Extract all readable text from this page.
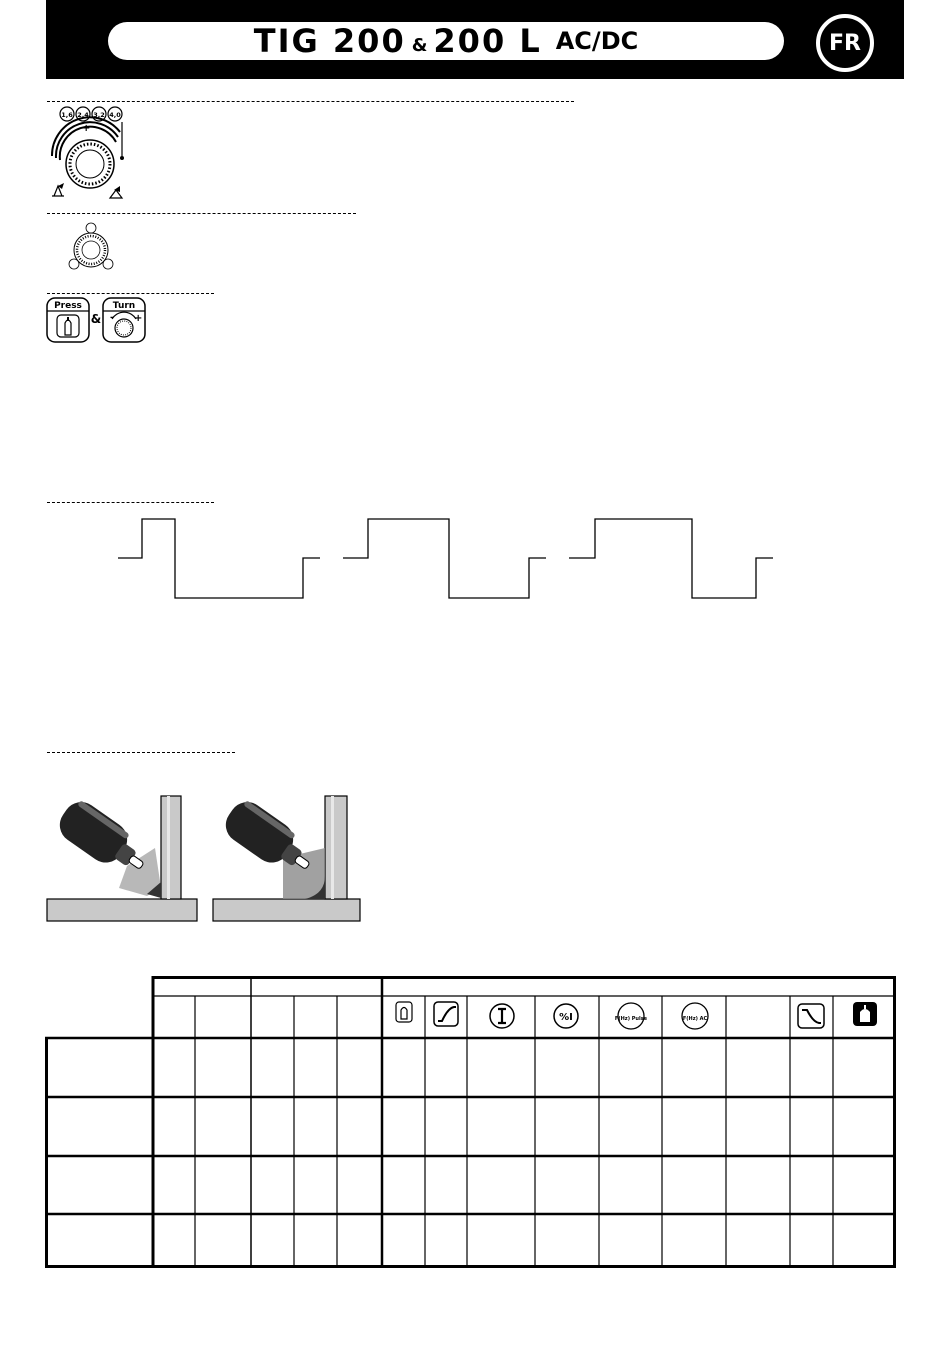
TIG 200 & 200 L AC/DC	FR
1,6 2,4 3,2 4,0
+
Press
&
Turn
- +
%I	F(Hz) Pulse	F(Hz) AC
